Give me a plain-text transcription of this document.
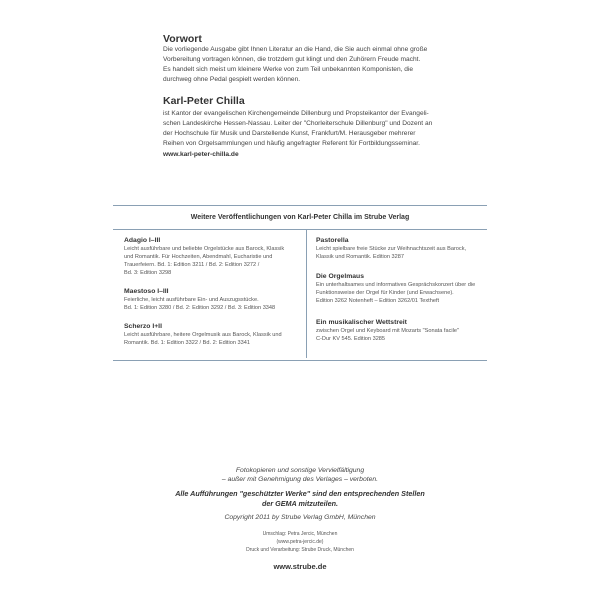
Vorwort
Die vorliegende Ausgabe gibt Ihnen Literatur an die Hand, die Sie auch einmal ohne große
Vorbereitung vortragen können, die trotzdem gut klingt und den Zuhörern Freude macht.
Es handelt sich meist um kleinere Werke von zum Teil unbekannten Komponisten, die
durchweg ohne Pedal gespielt werden können.
Karl-Peter Chilla
ist Kantor der evangelischen Kirchengemeinde Dillenburg und Propsteikantor der Evangeli-
schen Landeskirche Hessen-Nassau. Leiter der "Chorleiterschule Dillenburg" und Dozent an
der Hochschule für Musik und Darstellende Kunst, Frankfurt/M. Herausgeber mehrerer
Reihen von Orgelsammlungen und häufig angefragter Referent für Fortbildungsseminar.
www.karl-peter-chilla.de
Weitere Veröffentlichungen von Karl-Peter Chilla im Strube Verlag
Adagio I–III
Leicht ausführbare und beliebte Orgelstücke aus Barock, Klassik
und Romantik. Für Hochzeiten, Abendmahl, Eucharistie und
Trauerfeiern. Bd. 1: Edition 3211 / Bd. 2: Edition 3272 /
Bd. 3: Edition 3298
Maestoso I–III
Feierliche, leicht ausführbare Ein- und Auszugsstücke.
Bd. 1: Edition 3280 / Bd. 2: Edition 3292 / Bd. 3: Edition 3348
Scherzo I+II
Leicht ausführbare, heitere Orgelmusik aus Barock, Klassik und
Romantik. Bd. 1: Edition 3322 / Bd. 2: Edition 3341
Pastorella
Leicht spielbare freie Stücke zur Weihnachtszeit aus Barock,
Klassik und Romantik. Edition 3287
Die Orgelmaus
Ein unterhaltsames und informatives Gesprächskonzert über die
Funktionsweise der Orgel für Kinder (und Erwachsene).
Edition 3262 Notenheft – Edition 3262/01 Textheft
Ein musikalischer Wettstreit
zwischen Orgel und Keyboard mit Mozarts "Sonata facile"
C-Dur KV 545. Edition 3285
Fotokopieren und sonstige Vervielfältigung
– außer mit Genehmigung des Verlages – verboten.
Alle Aufführungen "geschützter Werke" sind den entsprechenden Stellen
der GEMA mitzuteilen.
Copyright 2011 by Strube Verlag GmbH, München
Umschlag: Petra Jercic, München
(www.petra-jercic.de)
Druck und Verarbeitung: Strube Druck, München
www.strube.de
